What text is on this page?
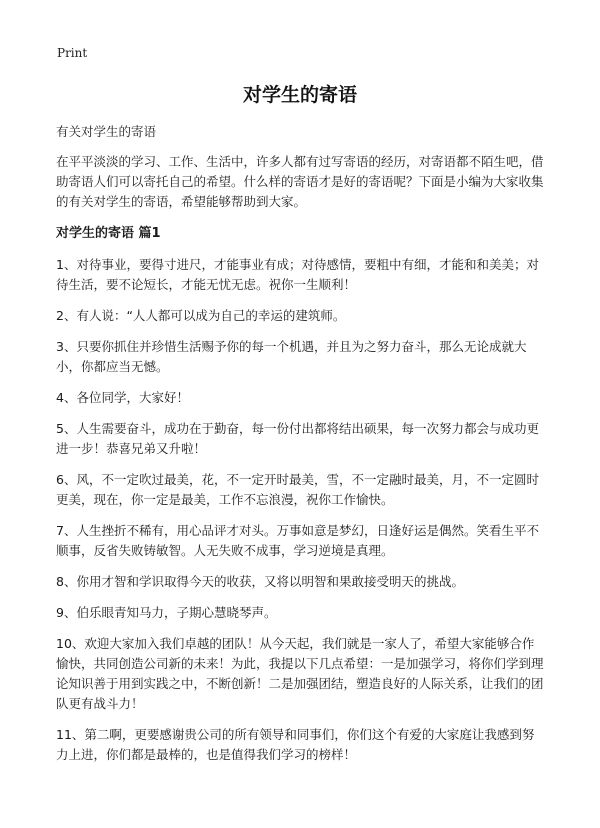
Print
对学生的寄语

有关对学生的寄语

在平平淡淡的学习、工作、生活中，许多人都有过写寄语的经历，对寄语都不陌生吧，借助寄语人们可以寄托自己的希望。什么样的寄语才是好的寄语呢？下面是小编为大家收集的有关对学生的寄语，希望能够帮助到大家。

对学生的寄语 篇1

1、对待事业，要得寸进尺，才能事业有成；对待感情，要粗中有细，才能和和美美；对待生活，要不论短长，才能无忧无虑。祝你一生顺利！

2、有人说：“人人都可以成为自己的幸运的建筑师。

3、只要你抓住并珍惜生活赐予你的每一个机遇，并且为之努力奋斗，那么无论成就大小，你都应当无憾。

4、各位同学，大家好！

5、人生需要奋斗，成功在于勤奋，每一份付出都将结出硕果，每一次努力都会与成功更进一步！恭喜兄弟又升啦！

6、风，不一定吹过最美，花，不一定开时最美，雪，不一定融时最美，月，不一定圆时更美，现在，你一定是最美，工作不忘浪漫，祝你工作愉快。

7、人生挫折不稀有，用心品评才对头。万事如意是梦幻，日逢好运是偶然。笑看生平不顺事，反省失败铸敏智。人无失败不成事，学习逆境是真理。

8、你用才智和学识取得今天的收获，又将以明智和果敢接受明天的挑战。

9、伯乐眼青知马力，子期心慧晓琴声。

10、欢迎大家加入我们卓越的团队！从今天起，我们就是一家人了，希望大家能够合作愉快，共同创造公司新的未来！为此，我提以下几点希望：一是加强学习，将你们学到理论知识善于用到实践之中，不断创新！二是加强团结，塑造良好的人际关系，让我们的团队更有战斗力！

11、第二啊，更要感谢贵公司的所有领导和同事们，你们这个有爱的大家庭让我感到努力上进，你们都是最棒的，也是值得我们学习的榜样！
